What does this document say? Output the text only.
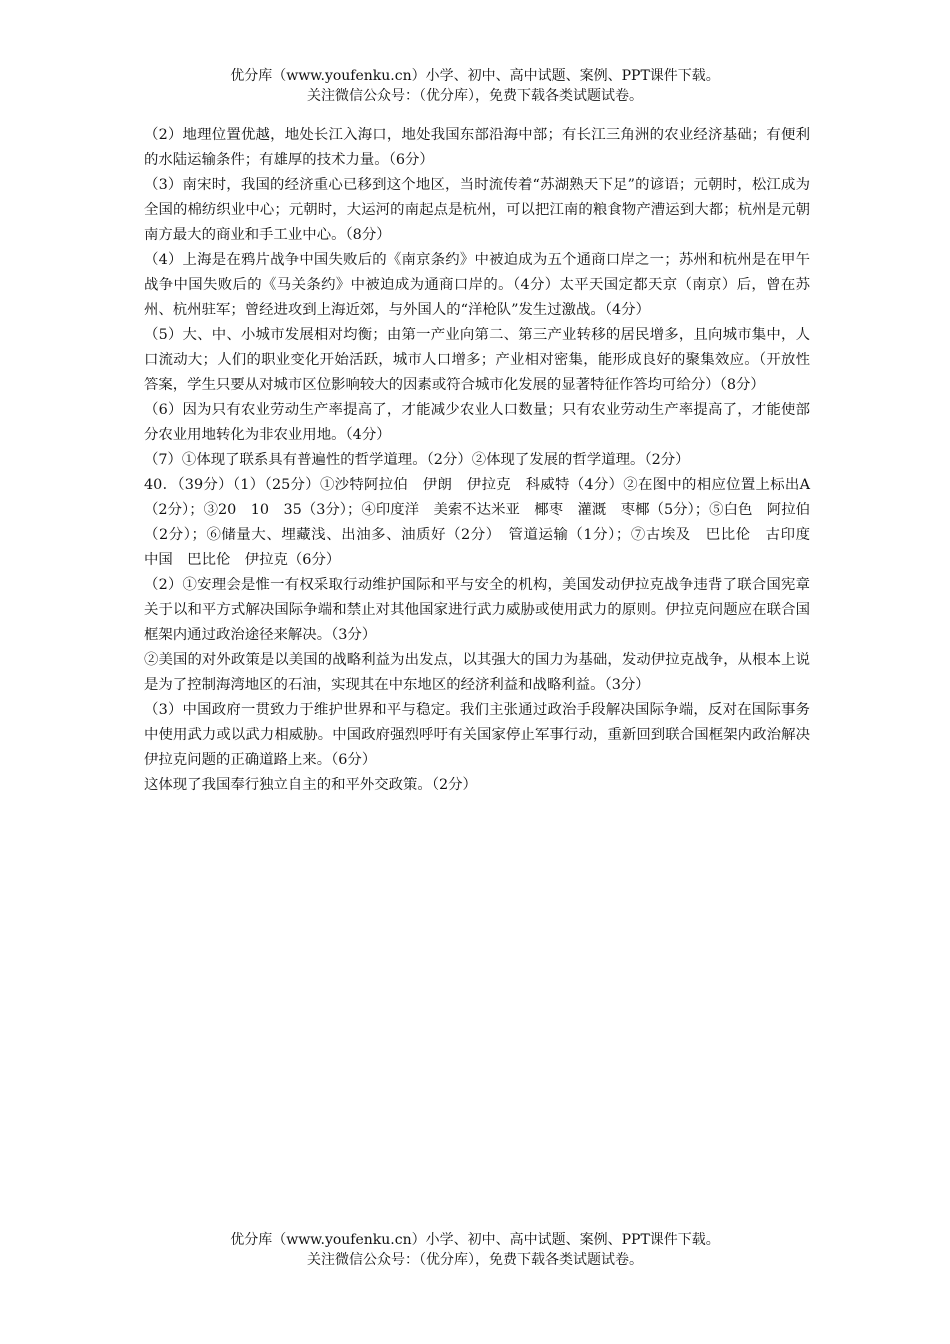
优分库（www.youfenku.cn）小学、初中、高中试题、案例、PPT课件下载。
关注微信公众号：（优分库），免费下载各类试题试卷。

（2）地理位置优越，地处长江入海口，地处我国东部沿海中部；有长江三角洲的农业经济基础；有便利的水陆运输条件；有雄厚的技术力量。（6分）

（3）南宋时，我国的经济重心已移到这个地区，当时流传着“苏湖熟天下足”的谚语；元朝时，松江成为全国的棉纺织业中心；元朝时，大运河的南起点是杭州，可以把江南的粮食物产漕运到大都；杭州是元朝南方最大的商业和手工业中心。（8分）

（4）上海是在鸦片战争中国失败后的《南京条约》中被迫成为五个通商口岸之一；苏州和杭州是在甲午战争中国失败后的《马关条约》中被迫成为通商口岸的。（4分）太平天国定都天京（南京）后，曾在苏州、杭州驻军；曾经进攻到上海近郊，与外国人的“洋枪队”发生过激战。（4分）

（5）大、中、小城市发展相对均衡；由第一产业向第二、第三产业转移的居民增多，且向城市集中，人口流动大；人们的职业变化开始活跃，城市人口增多；产业相对密集，能形成良好的聚集效应。（开放性答案，学生只要从对城市区位影响较大的因素或符合城市化发展的显著特征作答均可给分）（8分）

（6）因为只有农业劳动生产率提高了，才能减少农业人口数量；只有农业劳动生产率提高了，才能使部分农业用地转化为非农业用地。（4分）

（7）①体现了联系具有普遍性的哲学道理。（2分）②体现了发展的哲学道理。（2分）

40．（39分）（1）（25分）①沙特阿拉伯　伊朗　伊拉克　科威特（4分）②在图中的相应位置上标出A（2分）；③20　10　35（3分）；④印度洋　美索不达米亚　椰枣　灌溉　枣椰（5分）；⑤白色　阿拉伯（2分）；⑥储量大、埋藏浅、出油多、油质好（2分）　管道运输（1分）；⑦古埃及　巴比伦　古印度　中国　巴比伦　伊拉克（6分）

（2）①安理会是惟一有权采取行动维护国际和平与安全的机构，美国发动伊拉克战争违背了联合国宪章关于以和平方式解决国际争端和禁止对其他国家进行武力威胁或使用武力的原则。伊拉克问题应在联合国框架内通过政治途径来解决。（3分）

②美国的对外政策是以美国的战略利益为出发点，以其强大的国力为基础，发动伊拉克战争，从根本上说是为了控制海湾地区的石油，实现其在中东地区的经济利益和战略利益。（3分）

（3）中国政府一贯致力于维护世界和平与稳定。我们主张通过政治手段解决国际争端，反对在国际事务中使用武力或以武力相威胁。中国政府强烈呼吁有关国家停止军事行动，重新回到联合国框架内政治解决伊拉克问题的正确道路上来。（6分）

这体现了我国奉行独立自主的和平外交政策。（2分）

优分库（www.youfenku.cn）小学、初中、高中试题、案例、PPT课件下载。
关注微信公众号：（优分库），免费下载各类试题试卷。
